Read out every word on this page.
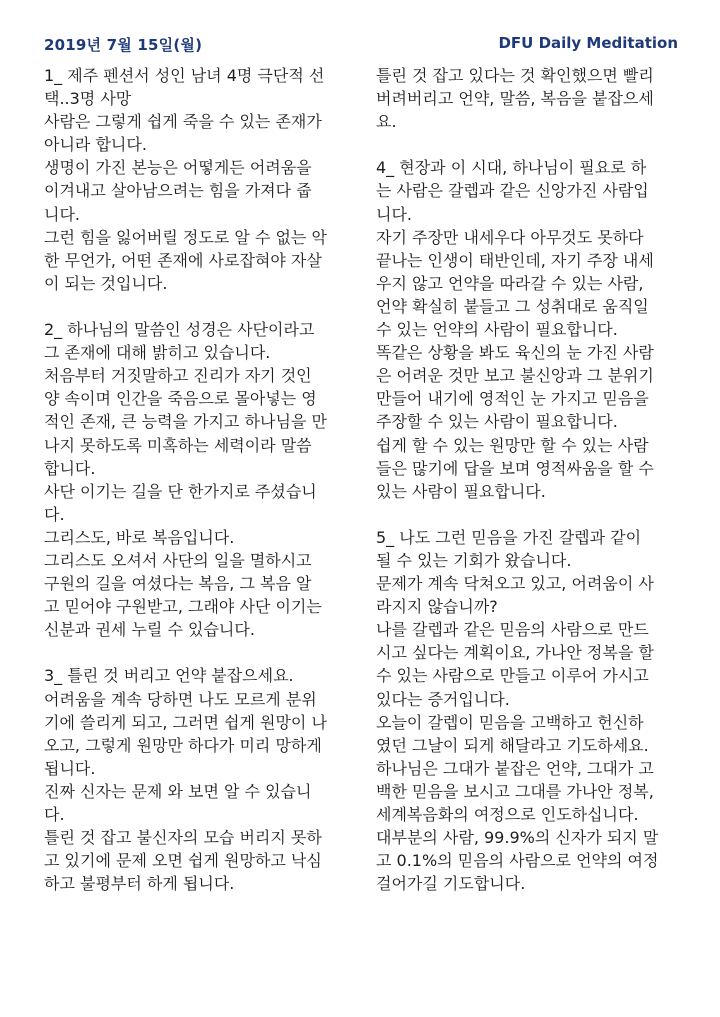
2019년 7월 15일(월)	DFU Daily Meditation
1_ 제주 펜션서 성인 남녀 4명 극단적 선
택..3명 사망
사람은 그렇게 쉽게 죽을 수 있는 존재가
아니라 합니다.
생명이 가진 본능은 어떻게든 어려움을
이겨내고 살아남으려는 힘을 가져다 줍
니다.
그런 힘을 잃어버릴 정도로 알 수 없는 악
한 무언가, 어떤 존재에 사로잡혀야 자살
이 되는 것입니다.
2_ 하나님의 말씀인 성경은 사단이라고
그 존재에 대해 밝히고 있습니다.
처음부터 거짓말하고 진리가 자기 것인
양 속이며 인간을 죽음으로 몰아넣는 영
적인 존재, 큰 능력을 가지고 하나님을 만
나지 못하도록 미혹하는 세력이라 말씀
합니다.
사단 이기는 길을 단 한가지로 주셨습니
다.
그리스도, 바로 복음입니다.
그리스도 오셔서 사단의 일을 멸하시고
구원의 길을 여셨다는 복음, 그 복음 알
고 믿어야 구원받고, 그래야 사단 이기는
신분과 권세 누릴 수 있습니다.
3_ 틀린 것 버리고 언약 붙잡으세요.
어려움을 계속 당하면 나도 모르게 분위
기에 쓸리게 되고, 그러면 쉽게 원망이 나
오고, 그렇게 원망만 하다가 미리 망하게
됩니다.
진짜 신자는 문제 와 보면 알 수 있습니
다.
틀린 것 잡고 불신자의 모습 버리지 못하
고 있기에 문제 오면 쉽게 원망하고 낙심
하고 불평부터 하게 됩니다.
틀린 것 잡고 있다는 것 확인했으면 빨리
버려버리고 언약, 말씀, 복음을 붙잡으세
요.
4_ 현장과 이 시대, 하나님이 필요로 하
는 사람은 갈렙과 같은 신앙가진 사람입
니다.
자기 주장만 내세우다 아무것도 못하다
끝나는 인생이 태반인데, 자기 주장 내세
우지 않고 언약을 따라갈 수 있는 사람,
언약 확실히 붙들고 그 성취대로 움직일
수 있는 언약의 사람이 필요합니다.
똑같은 상황을 봐도 육신의 눈 가진 사람
은 어려운 것만 보고 불신앙과 그 분위기
만들어 내기에 영적인 눈 가지고 믿음을
주장할 수 있는 사람이 필요합니다.
쉽게 할 수 있는 원망만 할 수 있는 사람
들은 많기에 답을 보며 영적싸움을 할 수
있는 사람이 필요합니다.
5_ 나도 그런 믿음을 가진 갈렙과 같이
될 수 있는 기회가 왔습니다.
문제가 계속 닥쳐오고 있고, 어려움이 사
라지지 않습니까?
나를 갈렙과 같은 믿음의 사람으로 만드
시고 싶다는 계획이요, 가나안 정복을 할
수 있는 사람으로 만들고 이루어 가시고
있다는 증거입니다.
오늘이 갈렙이 믿음을 고백하고 헌신하
였던 그날이 되게 해달라고 기도하세요.
하나님은 그대가 붙잡은 언약, 그대가 고
백한 믿음을 보시고 그대를 가나안 정복,
세계복음화의 여정으로 인도하십니다.
대부분의 사람, 99.9%의 신자가 되지 말
고 0.1%의 믿음의 사람으로 언약의 여정
걸어가길 기도합니다.
